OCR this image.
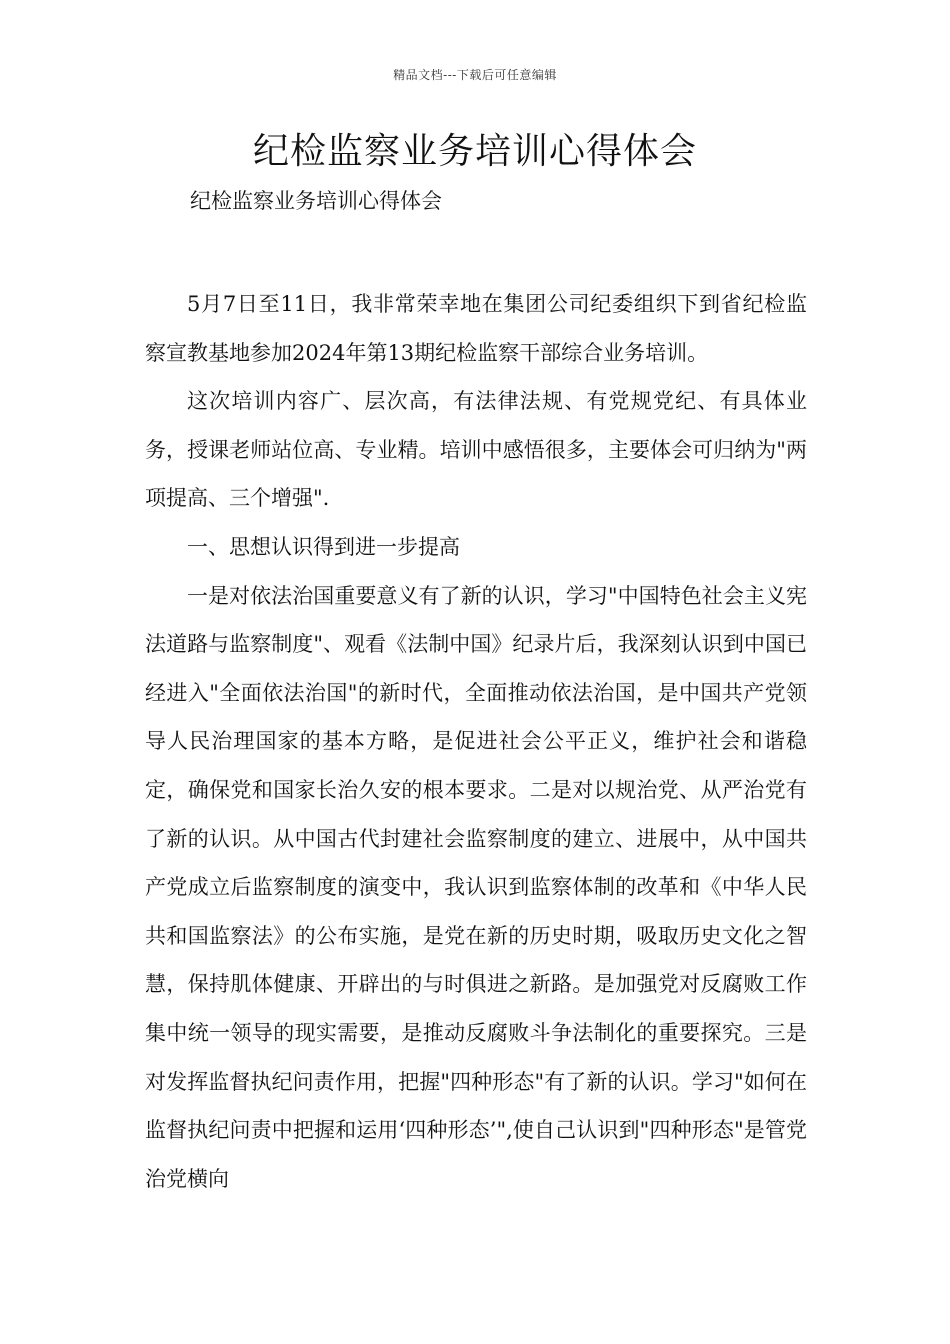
精品文档---下载后可任意编辑
纪检监察业务培训心得体会
纪检监察业务培训心得体会

5月7日至11日，我非常荣幸地在集团公司纪委组织下到省纪检监察宣教基地参加2024年第13期纪检监察干部综合业务培训。

这次培训内容广、层次高，有法律法规、有党规党纪、有具体业务，授课老师站位高、专业精。培训中感悟很多，主要体会可归纳为"两项提高、三个增强".

一、思想认识得到进一步提高

一是对依法治国重要意义有了新的认识，学习"中国特色社会主义宪法道路与监察制度"、观看《法制中国》纪录片后，我深刻认识到中国已经进入"全面依法治国"的新时代，全面推动依法治国，是中国共产党领导人民治理国家的基本方略，是促进社会公平正义，维护社会和谐稳定，确保党和国家长治久安的根本要求。二是对以规治党、从严治党有了新的认识。从中国古代封建社会监察制度的建立、进展中，从中国共产党成立后监察制度的演变中，我认识到监察体制的改革和《中华人民共和国监察法》的公布实施，是党在新的历史时期，吸取历史文化之智慧，保持肌体健康、开辟出的与时俱进之新路。是加强党对反腐败工作集中统一领导的现实需要，是推动反腐败斗争法制化的重要探究。三是对发挥监督执纪问责作用，把握"四种形态"有了新的认识。学习"如何在监督执纪问责中把握和运用‘四种形态’",使自己认识到"四种形态"是管党治党横向
